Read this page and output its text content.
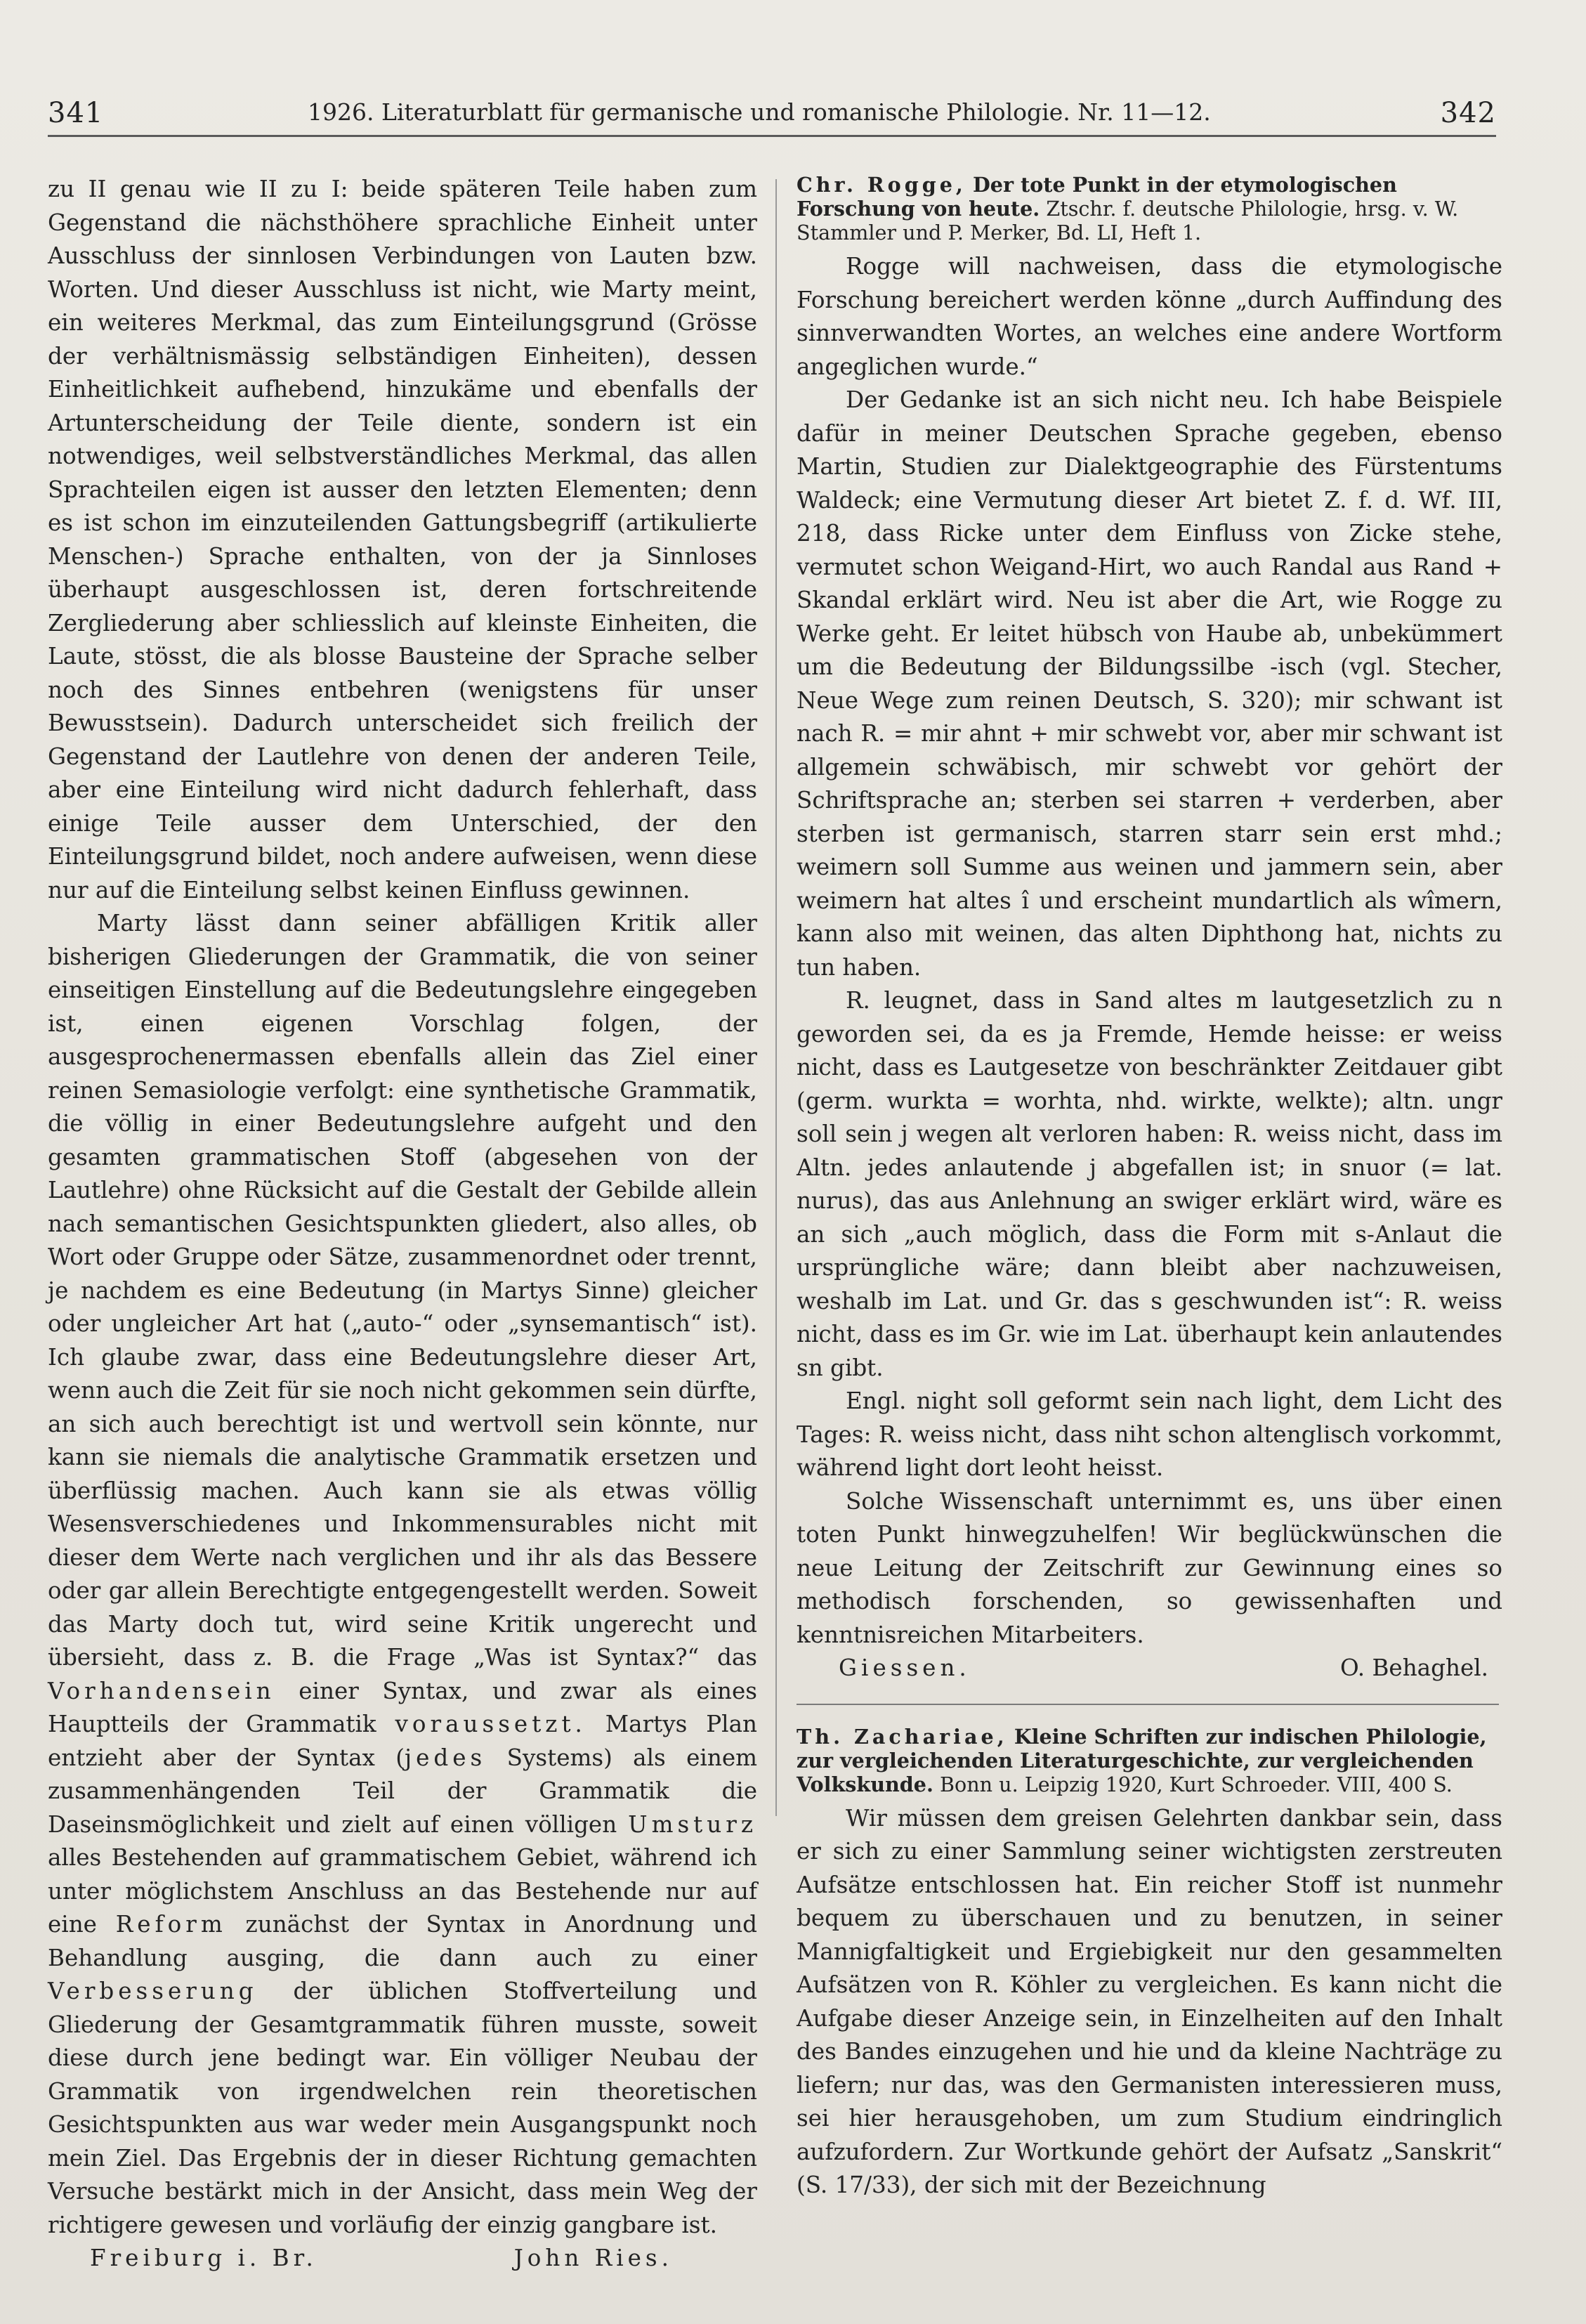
341	1926. Literaturblatt für germanische und romanische Philologie. Nr. 11—12.	342

zu II genau wie II zu I: beide späteren Teile haben zum Gegenstand die nächsthöhere sprachliche Einheit unter Ausschluss der sinnlosen Verbindungen von Lauten bzw. Worten. Und dieser Ausschluss ist nicht, wie Marty meint, ein weiteres Merkmal, das zum Einteilungsgrund (Grösse der verhältnismässig selbständigen Einheiten), dessen Einheitlichkeit aufhebend, hinzukäme und ebenfalls der Artunterscheidung der Teile diente, sondern ist ein notwendiges, weil selbstverständliches Merkmal, das allen Sprachteilen eigen ist ausser den letzten Elementen; denn es ist schon im einzuteilenden Gattungsbegriff (artikulierte Menschen-) Sprache enthalten, von der ja Sinnloses überhaupt ausgeschlossen ist, deren fortschreitende Zergliederung aber schliesslich auf kleinste Einheiten, die Laute, stösst, die als blosse Bausteine der Sprache selber noch des Sinnes entbehren (wenigstens für unser Bewusstsein). Dadurch unterscheidet sich freilich der Gegenstand der Lautlehre von denen der anderen Teile, aber eine Einteilung wird nicht dadurch fehlerhaft, dass einige Teile ausser dem Unterschied, der den Einteilungsgrund bildet, noch andere aufweisen, wenn diese nur auf die Einteilung selbst keinen Einfluss gewinnen.

Marty lässt dann seiner abfälligen Kritik aller bisherigen Gliederungen der Grammatik, die von seiner einseitigen Einstellung auf die Bedeutungslehre eingegeben ist, einen eigenen Vorschlag folgen, der ausgesprochenermassen ebenfalls allein das Ziel einer reinen Semasiologie verfolgt: eine synthetische Grammatik, die völlig in einer Bedeutungslehre aufgeht und den gesamten grammatischen Stoff (abgesehen von der Lautlehre) ohne Rücksicht auf die Gestalt der Gebilde allein nach semantischen Gesichtspunkten gliedert, also alles, ob Wort oder Gruppe oder Sätze, zusammenordnet oder trennt, je nachdem es eine Bedeutung (in Martys Sinne) gleicher oder ungleicher Art hat („auto-“ oder „synsemantisch“ ist). Ich glaube zwar, dass eine Bedeutungslehre dieser Art, wenn auch die Zeit für sie noch nicht gekommen sein dürfte, an sich auch berechtigt ist und wertvoll sein könnte, nur kann sie niemals die analytische Grammatik ersetzen und überflüssig machen. Auch kann sie als etwas völlig Wesensverschiedenes und Inkommensurables nicht mit dieser dem Werte nach verglichen und ihr als das Bessere oder gar allein Berechtigte entgegengestellt werden. Soweit das Marty doch tut, wird seine Kritik ungerecht und übersieht, dass z. B. die Frage „Was ist Syntax?“ das Vorhandensein einer Syntax, und zwar als eines Hauptteils der Grammatik voraussetzt. Martys Plan entzieht aber der Syntax (jedes Systems) als einem zusammenhängenden Teil der Grammatik die Daseinsmöglichkeit und zielt auf einen völligen Umsturz alles Bestehenden auf grammatischem Gebiet, während ich unter möglichstem Anschluss an das Bestehende nur auf eine Reform zunächst der Syntax in Anordnung und Behandlung ausging, die dann auch zu einer Verbesserung der üblichen Stoffverteilung und Gliederung der Gesamtgrammatik führen musste, soweit diese durch jene bedingt war. Ein völliger Neubau der Grammatik von irgendwelchen rein theoretischen Gesichtspunkten aus war weder mein Ausgangspunkt noch mein Ziel. Das Ergebnis der in dieser Richtung gemachten Versuche bestärkt mich in der Ansicht, dass mein Weg der richtigere gewesen und vorläufig der einzig gangbare ist.

Freiburg i. Br.	John Ries.

Chr. Rogge, Der tote Punkt in der etymologischen Forschung von heute. Ztschr. f. deutsche Philologie, hrsg. v. W. Stammler und P. Merker, Bd. LI, Heft 1.

Rogge will nachweisen, dass die etymologische Forschung bereichert werden könne „durch Auffindung des sinnverwandten Wortes, an welches eine andere Wortform angeglichen wurde.“

Der Gedanke ist an sich nicht neu. Ich habe Beispiele dafür in meiner Deutschen Sprache gegeben, ebenso Martin, Studien zur Dialektgeographie des Fürstentums Waldeck; eine Vermutung dieser Art bietet Z. f. d. Wf. III, 218, dass Ricke unter dem Einfluss von Zicke stehe, vermutet schon Weigand-Hirt, wo auch Randal aus Rand + Skandal erklärt wird. Neu ist aber die Art, wie Rogge zu Werke geht. Er leitet hübsch von Haube ab, unbekümmert um die Bedeutung der Bildungssilbe -isch (vgl. Stecher, Neue Wege zum reinen Deutsch, S. 320); mir schwant ist nach R. = mir ahnt + mir schwebt vor, aber mir schwant ist allgemein schwäbisch, mir schwebt vor gehört der Schriftsprache an; sterben sei starren + verderben, aber sterben ist germanisch, starren starr sein erst mhd.; weimern soll Summe aus weinen und jammern sein, aber weimern hat altes î und erscheint mundartlich als wîmern, kann also mit weinen, das alten Diphthong hat, nichts zu tun haben.

R. leugnet, dass in Sand altes m lautgesetzlich zu n geworden sei, da es ja Fremde, Hemde heisse: er weiss nicht, dass es Lautgesetze von beschränkter Zeitdauer gibt (germ. wurkta = worhta, nhd. wirkte, welkte); altn. ungr soll sein j wegen alt verloren haben: R. weiss nicht, dass im Altn. jedes anlautende j abgefallen ist; in snuor (= lat. nurus), das aus Anlehnung an swiger erklärt wird, wäre es an sich „auch möglich, dass die Form mit s-Anlaut die ursprüngliche wäre; dann bleibt aber nachzuweisen, weshalb im Lat. und Gr. das s geschwunden ist“: R. weiss nicht, dass es im Gr. wie im Lat. überhaupt kein anlautendes sn gibt.

Engl. night soll geformt sein nach light, dem Licht des Tages: R. weiss nicht, dass niht schon altenglisch vorkommt, während light dort leoht heisst.

Solche Wissenschaft unternimmt es, uns über einen toten Punkt hinwegzuhelfen! Wir beglückwünschen die neue Leitung der Zeitschrift zur Gewinnung eines so methodisch forschenden, so gewissenhaften und kenntnisreichen Mitarbeiters.

Giessen.	O. Behaghel.

Th. Zachariae, Kleine Schriften zur indischen Philologie, zur vergleichenden Literaturgeschichte, zur vergleichenden Volkskunde. Bonn u. Leipzig 1920, Kurt Schroeder. VIII, 400 S.

Wir müssen dem greisen Gelehrten dankbar sein, dass er sich zu einer Sammlung seiner wichtigsten zerstreuten Aufsätze entschlossen hat. Ein reicher Stoff ist nunmehr bequem zu überschauen und zu benutzen, in seiner Mannigfaltigkeit und Ergiebigkeit nur den gesammelten Aufsätzen von R. Köhler zu vergleichen. Es kann nicht die Aufgabe dieser Anzeige sein, in Einzelheiten auf den Inhalt des Bandes einzugehen und hie und da kleine Nachträge zu liefern; nur das, was den Germanisten interessieren muss, sei hier herausgehoben, um zum Studium eindringlich aufzufordern. Zur Wortkunde gehört der Aufsatz „Sanskrit“ (S. 17/33), der sich mit der Bezeichnung
